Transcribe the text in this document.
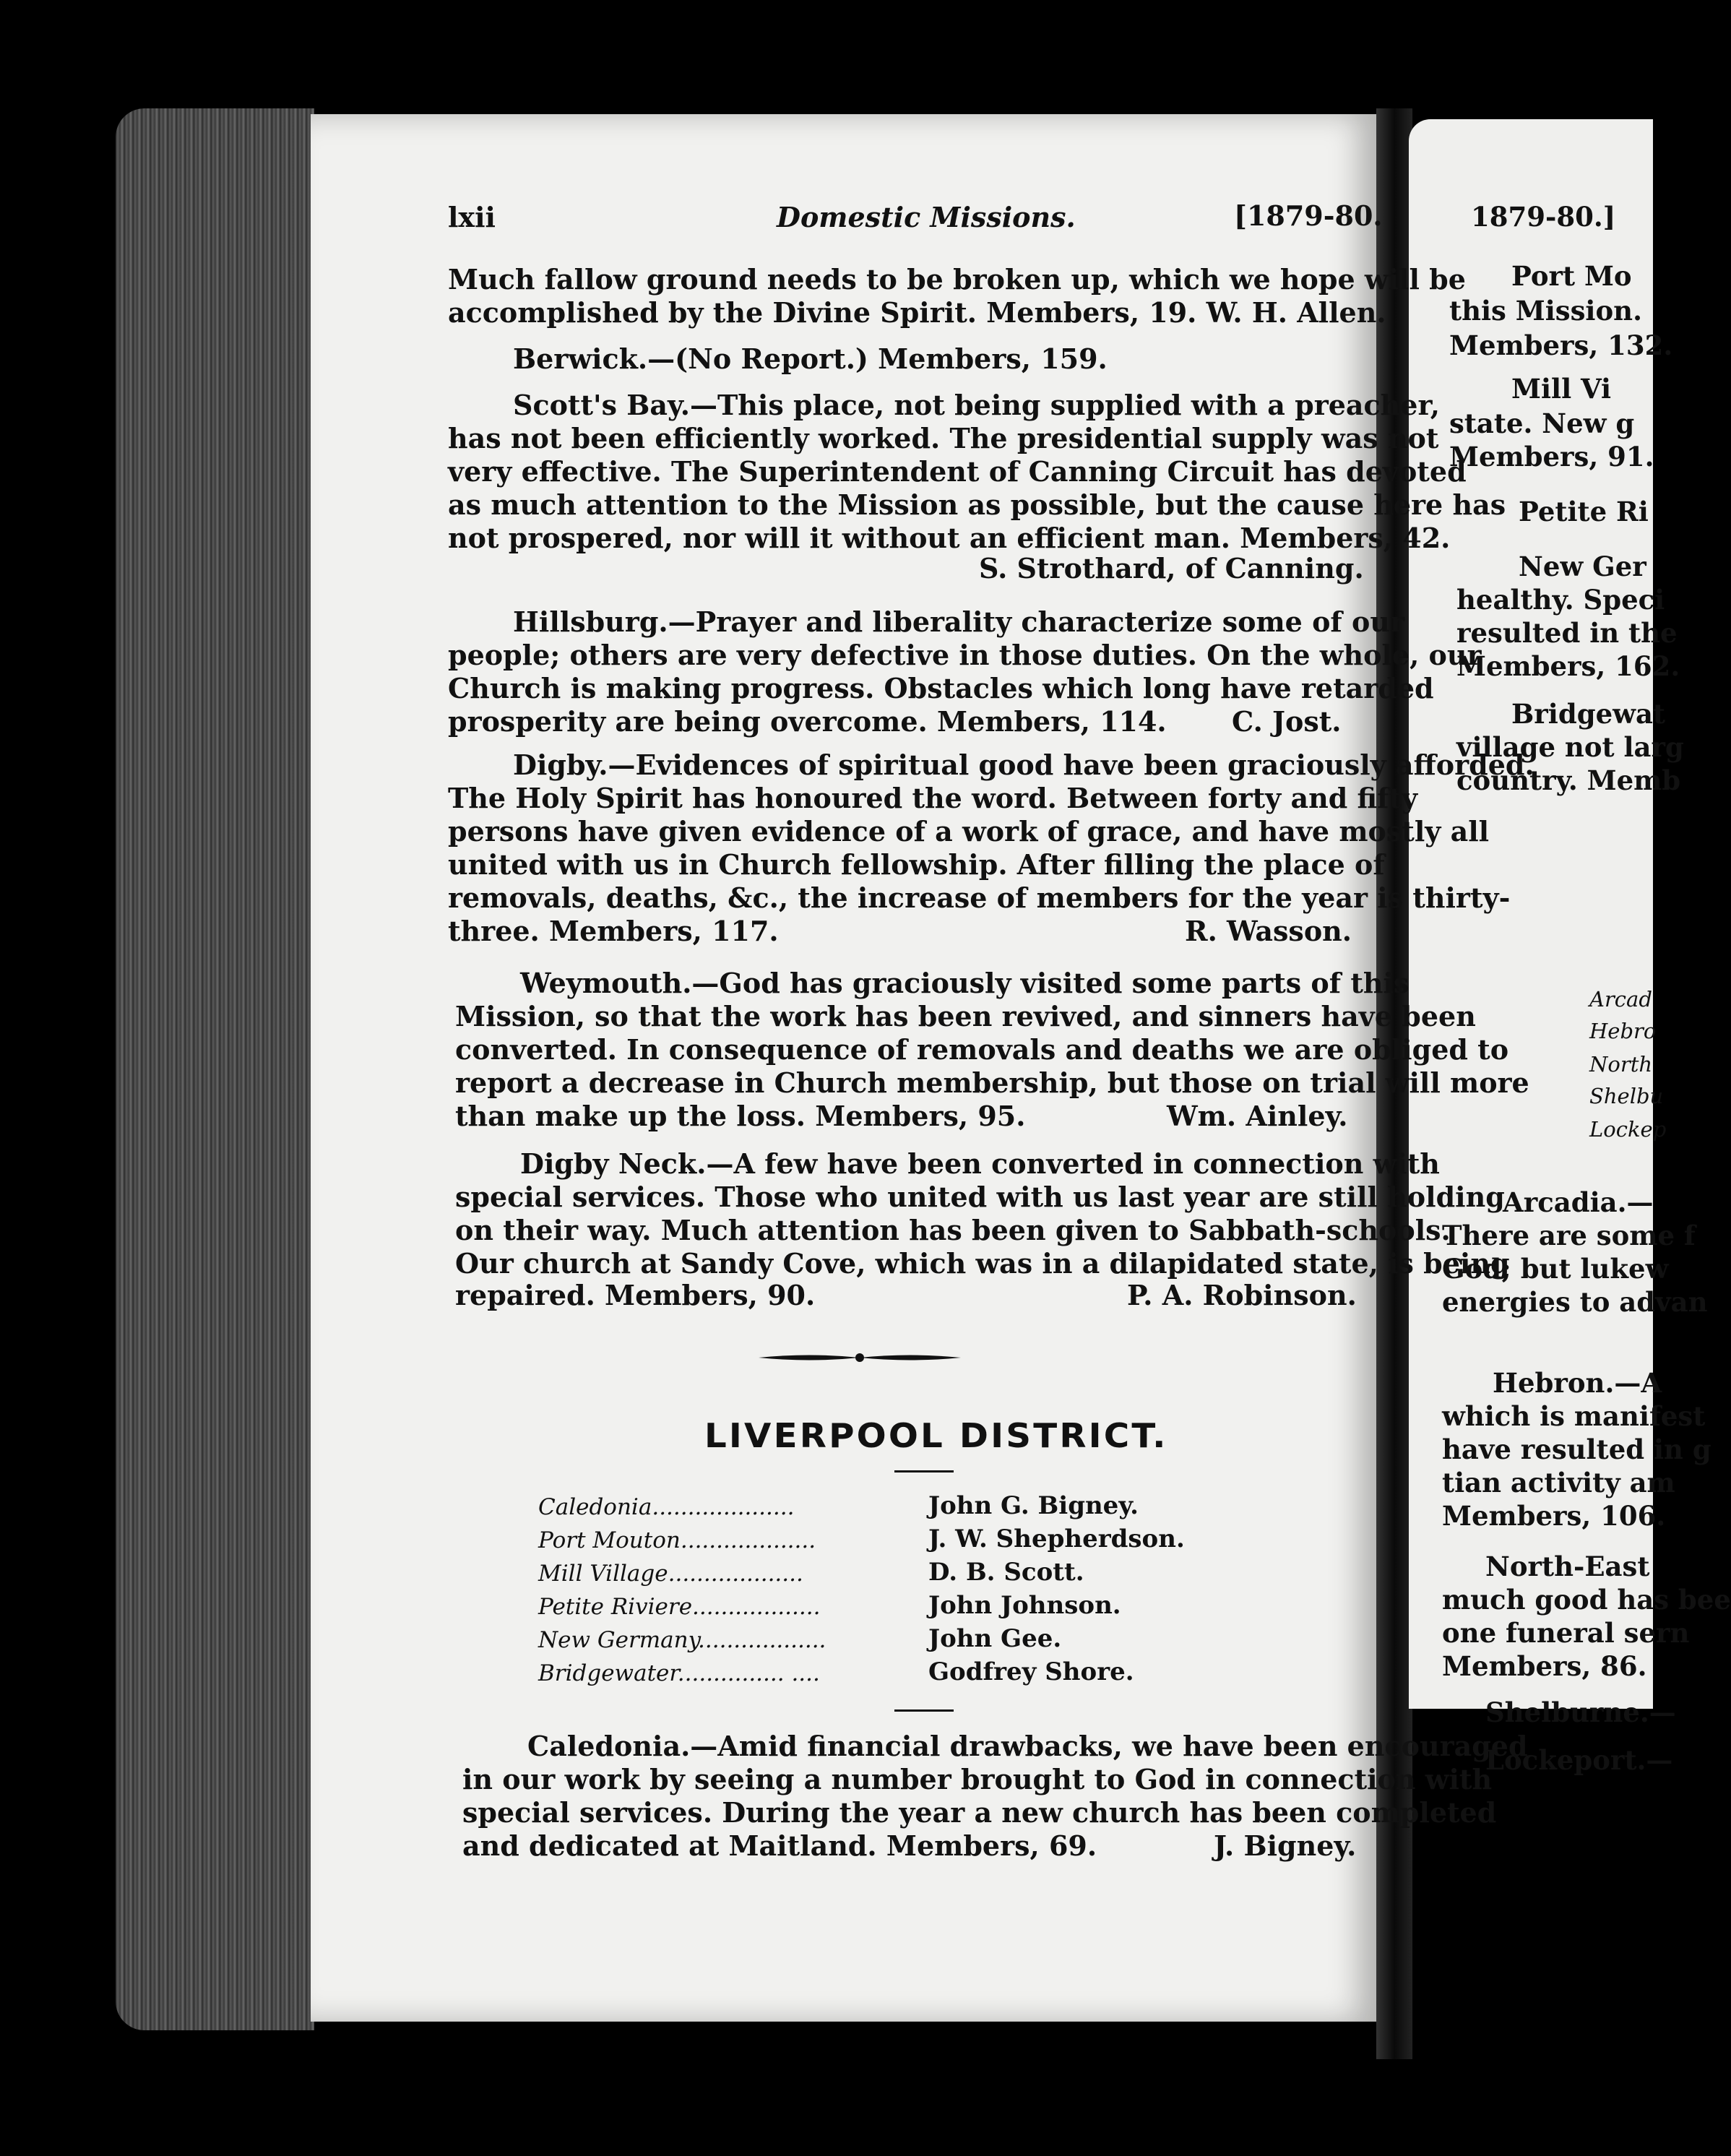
lxii	Domestic Missions.	[1879-80.
Much fallow ground needs to be broken up, which we hope will be
accomplished by the Divine Spirit. Members, 19. W. H. Allen.
Berwick.—(No Report.) Members, 159.
Scott's Bay.—This place, not being supplied with a preacher,
has not been efficiently worked. The presidential supply was not
very effective. The Superintendent of Canning Circuit has devoted
as much attention to the Mission as possible, but the cause here has
not prospered, nor will it without an efficient man. Members, 42.
S. Strothard, of Canning.
Hillsburg.—Prayer and liberality characterize some of our
people; others are very defective in those duties. On the whole, our
Church is making progress. Obstacles which long have retarded
prosperity are being overcome. Members, 114. C. Jost.
Digby.—Evidences of spiritual good have been graciously afforded.
The Holy Spirit has honoured the word. Between forty and fifty
persons have given evidence of a work of grace, and have mostly all
united with us in Church fellowship. After filling the place of
removals, deaths, &c., the increase of members for the year is thirty-
three. Members, 117.	R. Wasson.
Weymouth.—God has graciously visited some parts of this
Mission, so that the work has been revived, and sinners have been
converted. In consequence of removals and deaths we are obliged to
report a decrease in Church membership, but those on trial will more
than make up the loss. Members, 95.	Wm. Ainley.
Digby Neck.—A few have been converted in connection with
special services. Those who united with us last year are still holding
on their way. Much attention has been given to Sabbath-schools.
Our church at Sandy Cove, which was in a dilapidated state, is being
repaired. Members, 90.	P. A. Robinson.
LIVERPOOL DISTRICT.
Caledonia....................	John G. Bigney.
Port Mouton...................	J. W. Shepherdson.
Mill Village...................	D. B. Scott.
Petite Riviere..................	John Johnson.
New Germany..................	John Gee.
Bridgewater............... ....	Godfrey Shore.
Caledonia.—Amid financial drawbacks, we have been encouraged
in our work by seeing a number brought to God in connection with
special services. During the year a new church has been completed
and dedicated at Maitland. Members, 69.	J. Bigney.
1879-80.]
Port Mo
this Mission.
Members, 132.
Mill Vi
state. New g
Members, 91.
Petite Ri
New Ger
healthy. Speci
resulted in the
Members, 162.
Bridgewat
village not larg
country. Memb
Arcad
Hebro
North
Shelbu
Lockep
Arcadia.—
There are some f
God; but lukew
energies to advan
Hebron.—A
which is manifest
have resulted in g
tian activity am
Members, 106.
North-East
much good has bee
one funeral sern
Members, 86.
Shelburne.—
Lockeport.—
